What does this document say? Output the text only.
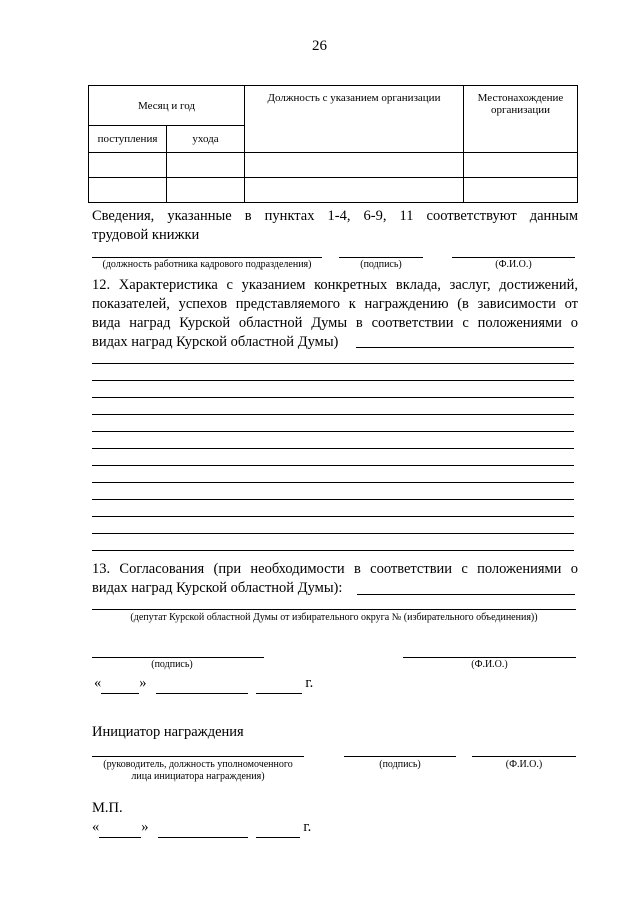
26
Месяц и год		Должность с указанием организации	Местонахождение организации
поступления	ухода		

Сведения, указанные в пунктах 1-4, 6-9, 11 соответствуют данным
трудовой книжки
(должность работника кадрового подразделения)	(подпись)	(Ф.И.О.)
12. Характеристика с указанием конкретных вклада, заслуг, достижений,
показателей, успехов представляемого к награждению (в зависимости от
вида наград Курской областной Думы в соответствии с положениями о
видах наград Курской областной Думы)
13. Согласования (при необходимости в соответствии с положениями о
видах наград Курской областной Думы):
(депутат Курской областной Думы от избирательного округа № (избирательного объединения))
(подпись)	(Ф.И.О.)
«	»	г.
Инициатор награждения
(руководитель, должность уполномоченного
лица инициатора награждения)
(подпись)	(Ф.И.О.)
М.П.
«	»	г.
